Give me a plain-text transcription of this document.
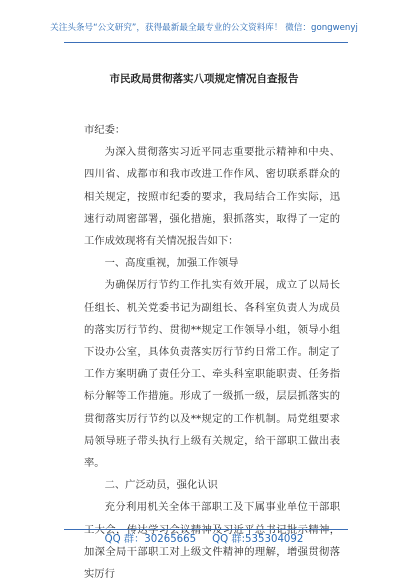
关注头条号“公文研究”，获得最新最全最专业的公文资料库！ 微信：gongwenyj
市民政局贯彻落实八项规定情况自查报告

市纪委：

为深入贯彻落实习近平同志重要批示精神和中央、四川省、成都市和我市改进工作作风、密切联系群众的相关规定，按照市纪委的要求，我局结合工作实际，迅速行动周密部署，强化措施，狠抓落实，取得了一定的工作成效现将有关情况报告如下：

一、高度重视，加强工作领导

为确保厉行节约工作扎实有效开展，成立了以局长任组长、机关党委书记为副组长、各科室负责人为成员的落实厉行节约、贯彻**规定工作领导小组，领导小组下设办公室，具体负责落实厉行节约日常工作。制定了工作方案明确了责任分工、牵头科室职能职责、任务指标分解等工作措施。形成了一级抓一级，层层抓落实的贯彻落实厉行节约以及**规定的工作机制。局党组要求局领导班子带头执行上级有关规定，给干部职工做出表率。

二、广泛动员，强化认识

充分利用机关全体干部职工及下属事业单位干部职工大会，传达学习会议精神及习近平总书记批示精神，加深全局干部职工对上级文件精神的理解，增强贯彻落实厉行

QQ 群：30265665 QQ 群:535304092
